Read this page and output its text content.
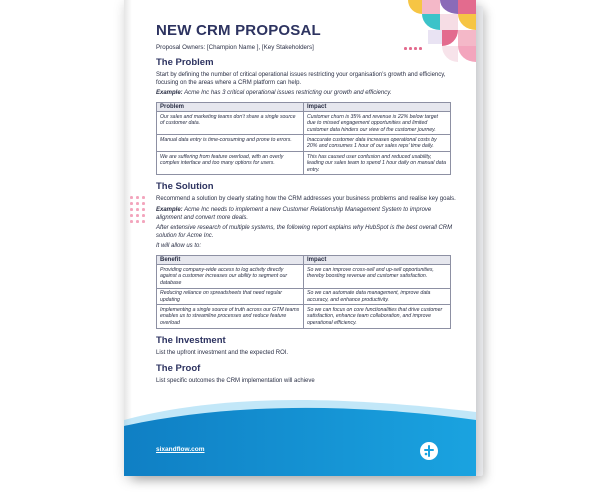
NEW CRM PROPOSAL
Proposal Owners: [Champion Name ], [Key Stakeholders]
The Problem

Start by defining the number of critical operational issues restricting your organisation’s growth and efficiency, focusing on the areas where a CRM platform can help.

Example: Acme Inc has 3 critical operational issues restricting our growth and efficiency.

Problem	Impact
Our sales and marketing teams don’t share a single source of customer data.	Customer churn is 35% and revenue is 22% below target due to missed engagement opportunities and limited customer data hinders our view of the customer journey.
Manual data entry is time-consuming and prone to errors.	Inaccurate customer data increases operational costs by 20% and consumes 1 hour of our sales reps’ time daily.
We are suffering from feature overload, with an overly complex interface and too many options for users.	This has caused user confusion and reduced usability, leading our sales team to spend 1 hour daily on manual data entry.
The Solution

Recommend a solution by clearly stating how the CRM addresses your business problems and realise key goals.

Example: Acme Inc needs to implement a new Customer Relationship Management System to improve alignment and convert more deals.

After extensive research of multiple systems, the following report explains why HubSpot is the best overall CRM solution for Acme Inc.

It will allow us to:

Benefit	Impact
Providing company-wide access to log activity directly against a customer increases our ability to segment our database	So we can improve cross-sell and up-sell opportunities, thereby boosting revenue and customer satisfaction.
Reducing reliance on spreadsheets that need regular updating	So we can automate data management, improve data accuracy, and enhance productivity.
Implementing a single source of truth across our GTM teams enables us to streamline processes and reduce feature overload	So we can focus on core functionalities that drive customer satisfaction, enhance team collaboration, and improve operational efficiency.
The Investment

List the upfront investment and the expected ROI.

The Proof

List specific outcomes the CRM implementation will achieve

sixandflow.com
